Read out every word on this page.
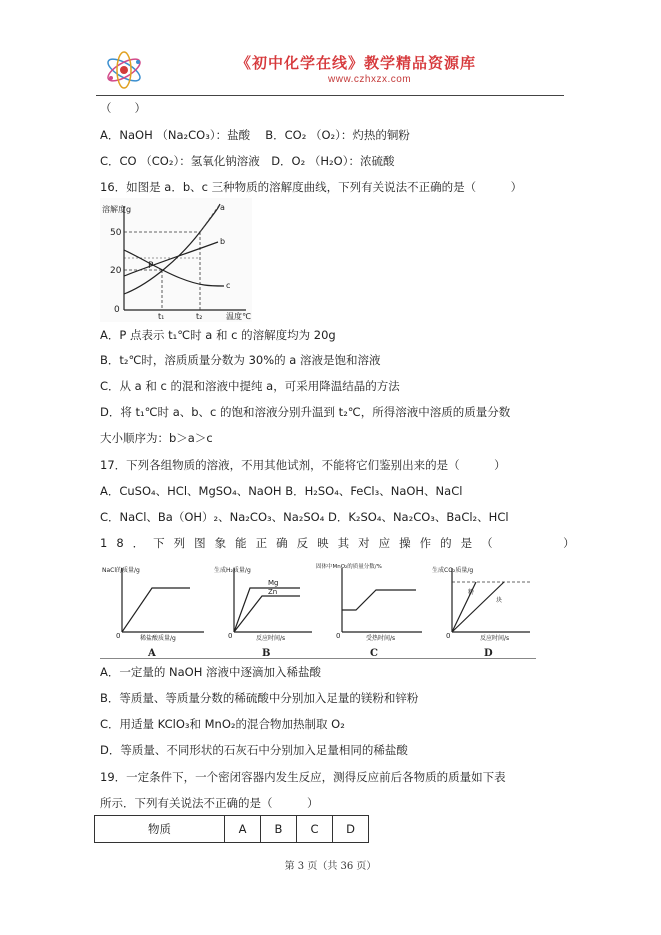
《初中化学在线》教学精品资源库
www.czhxzx.com
（　　）
A．NaOH （Na₂CO₃）：盐酸　 B．CO₂ （O₂）：灼热的铜粉
C．CO （CO₂）：氢氧化钠溶液　D．O₂ （H₂O）：浓硫酸
16．如图是 a．b、c 三种物质的溶解度曲线，下列有关说法不正确的是（　　　）
溶解度g
温度℃
50
20
0
t₁	t₂
a
b
c
P
A．P 点表示 t₁℃时 a 和 c 的溶解度均为 20g
B．t₂℃时，溶质质量分数为 30%的 a 溶液是饱和溶液
C．从 a 和 c 的混和溶液中提纯 a，可采用降温结晶的方法
D．将 t₁℃时 a、b、c 的饱和溶液分别升温到 t₂℃，所得溶液中溶质的质量分数
大小顺序为：b＞a＞c
17．下列各组物质的溶液，不用其他试剂，不能将它们鉴别出来的是（　　　）
A．CuSO₄、HCl、MgSO₄、NaOH B．H₂SO₄、FeCl₃、NaOH、NaCl
C．NaCl、Ba（OH）₂、Na₂CO₃、Na₂SO₄ D．K₂SO₄、Na₂CO₃、BaCl₂、HCl
18．下列图象能正确反映其对应操作的是（　　　）
NaCl的质量/g
稀盐酸质量/g
0
A
生成H₂质量/g
反应时间/s
Mg
Zn
0
B
固体中MnO₂的质量分数/%
受热时间/s
0
C
生成CO₂质量/g
反应时间/s
块
粉
0
D
A．一定量的 NaOH 溶液中逐滴加入稀盐酸
B．等质量、等质量分数的稀硫酸中分别加入足量的镁粉和锌粉
C．用适量 KClO₃和 MnO₂的混合物加热制取 O₂
D．等质量、不同形状的石灰石中分别加入足量相同的稀盐酸
19．一定条件下，一个密闭容器内发生反应，测得反应前后各物质的质量如下表
所示．下列有关说法不正确的是（　　　）
物质	A	B	C	D
第 3 页（共 36 页）
